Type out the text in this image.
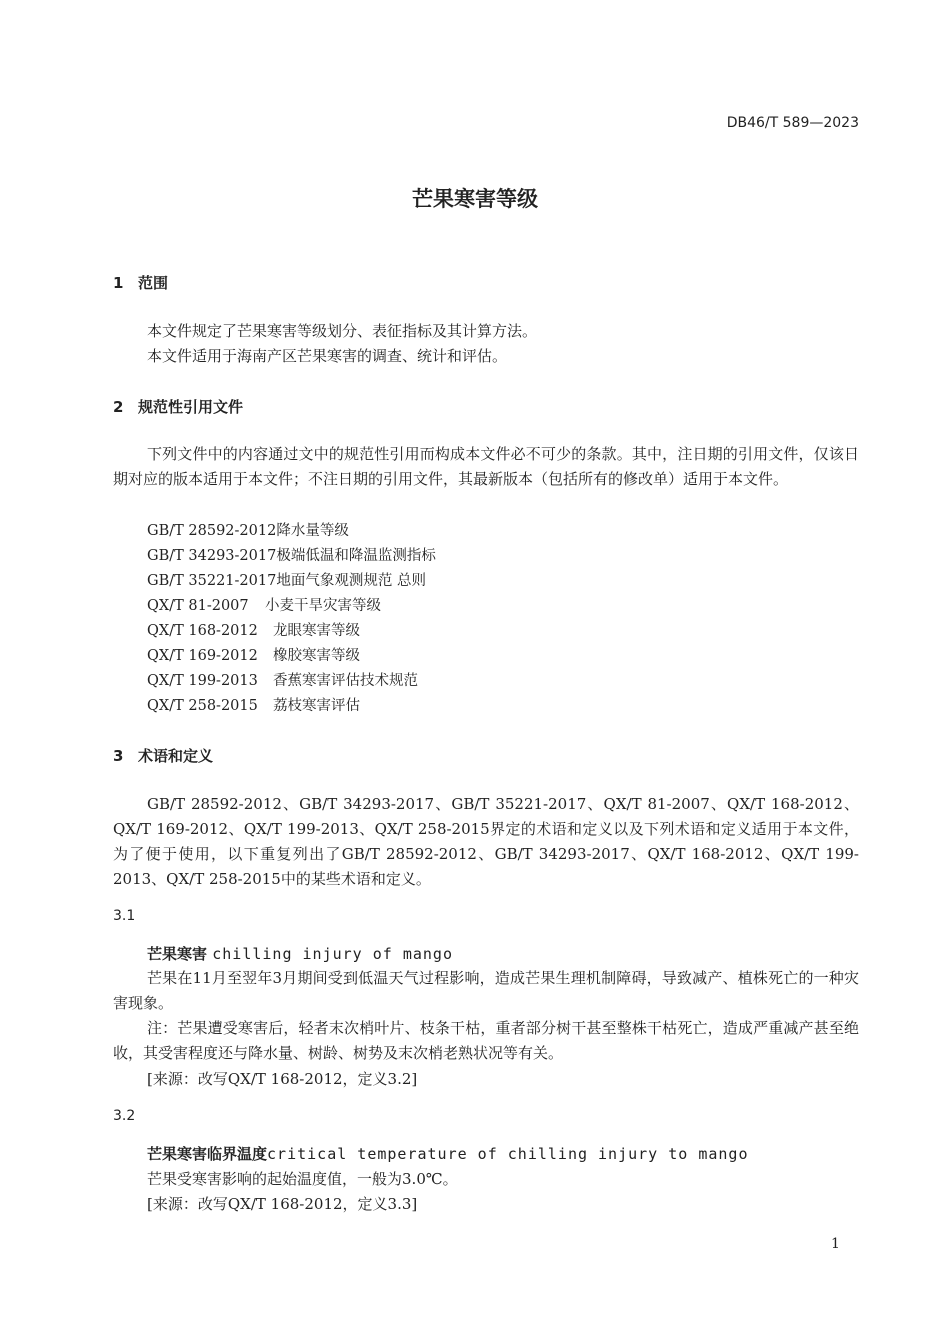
DB46/T 589—2023
芒果寒害等级
1 范围
本文件规定了芒果寒害等级划分、表征指标及其计算方法。
本文件适用于海南产区芒果寒害的调查、统计和评估。
2 规范性引用文件
下列文件中的内容通过文中的规范性引用而构成本文件必不可少的条款。其中，注日期的引用文件，仅该日期对应的版本适用于本文件；不注日期的引用文件，其最新版本（包括所有的修改单）适用于本文件。
GB/T 28592-2012降水量等级
GB/T 34293-2017极端低温和降温监测指标
GB/T 35221-2017地面气象观测规范 总则
QX/T 81-2007 小麦干旱灾害等级
QX/T 168-2012 龙眼寒害等级
QX/T 169-2012 橡胶寒害等级
QX/T 199-2013 香蕉寒害评估技术规范
QX/T 258-2015 荔枝寒害评估
3 术语和定义
GB/T 28592-2012、GB/T 34293-2017、GB/T 35221-2017、QX/T 81-2007、QX/T 168-2012、QX/T 169-2012、QX/T 199-2013、QX/T 258-2015界定的术语和定义以及下列术语和定义适用于本文件，为了便于使用，以下重复列出了GB/T 28592-2012、GB/T 34293-2017、QX/T 168-2012、QX/T 199-2013、QX/T 258-2015中的某些术语和定义。
3.1
芒果寒害 chilling injury of mango
芒果在11月至翌年3月期间受到低温天气过程影响，造成芒果生理机制障碍，导致减产、植株死亡的一种灾害现象。
注：芒果遭受寒害后，轻者末次梢叶片、枝条干枯，重者部分树干甚至整株干枯死亡，造成严重减产甚至绝收，其受害程度还与降水量、树龄、树势及末次梢老熟状况等有关。
[来源：改写QX/T 168-2012，定义3.2]
3.2
芒果寒害临界温度critical temperature of chilling injury to mango
芒果受寒害影响的起始温度值，一般为3.0℃。
[来源：改写QX/T 168-2012，定义3.3]
1
